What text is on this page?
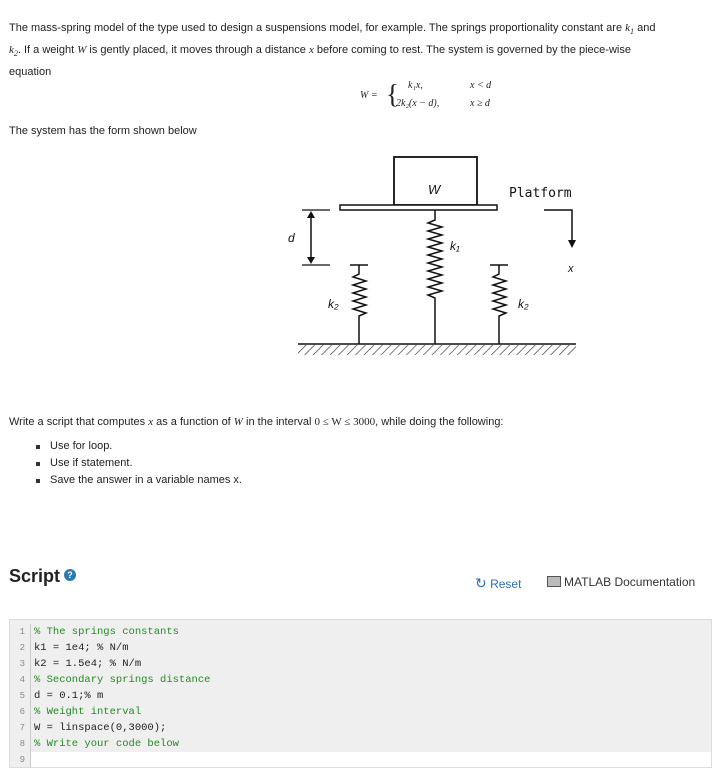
The mass-spring model of the type used to design a suspensions model, for example. The springs proportionality constant are $k_1$ and
$k_2$. If a weight W is gently placed, it moves through a distance x before coming to rest. The system is governed by the piece-wise
equation
W = { k₁x,	x < d
2k₂(x − d),	x ≥ d
The system has the form shown below
W	Platform
d
x
k₁
k₂	k₂
Write a script that computes x as a function of W in the interval 0 ≤ W ≤ 3000, while doing the following:
Use for loop.
Use if statement.
Save the answer in a variable names x.
Script ?	↻ Reset	MATLAB Documentation
1
2
3
4
5
6
7
8
9
% The springs constants
k1 = 1e4; % N/m
k2 = 1.5e4; % N/m
% Secondary springs distance
d = 0.1;% m
% Weight interval
W = linspace(0,3000);
% Write your code below
